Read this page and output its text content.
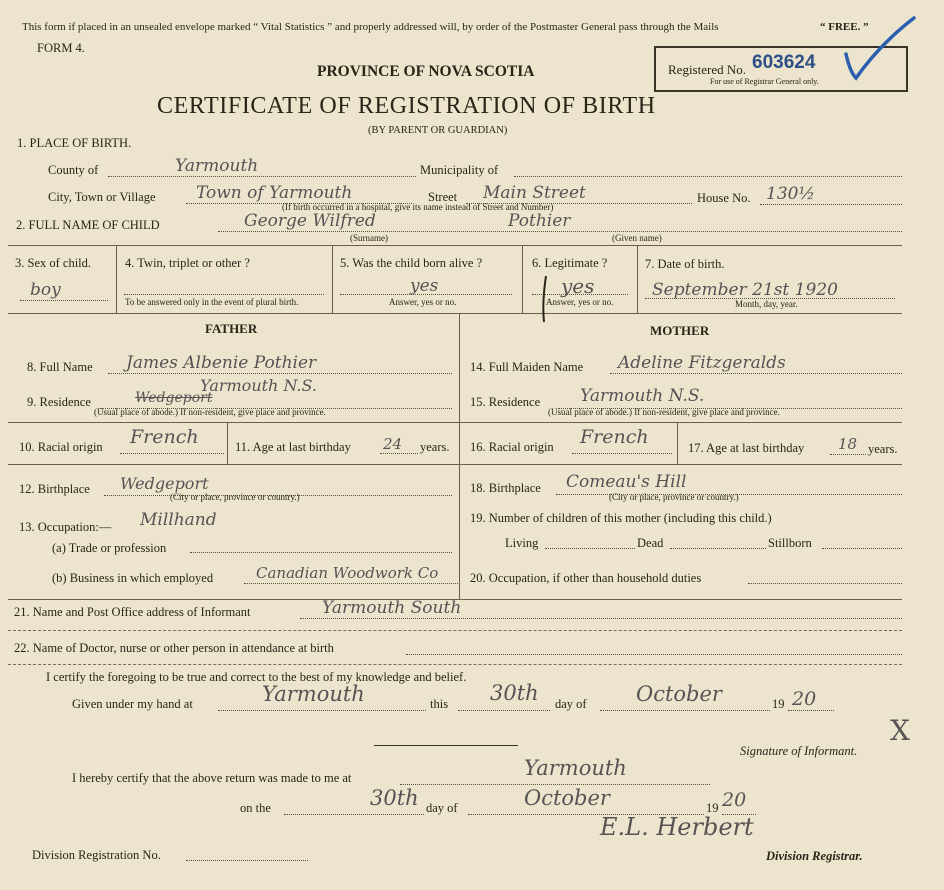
This form if placed in an unsealed envelope marked “ Vital Statistics ” and properly addressed will, by order of the Postmaster General pass through the Mails	“ FREE. ”
FORM 4.
PROVINCE OF NOVA SCOTIA
CERTIFICATE OF REGISTRATION OF BIRTH
(BY PARENT OR GUARDIAN)
Registered No. 603624
For use of Registrar General only.
1. PLACE OF BIRTH.
County of	Yarmouth	Municipality of
City, Town or Village Town of Yarmouth	Street Main Street	House No. 130½
(If birth occurred in a hospital, give its name instead of Street and Number)
2. FULL NAME OF CHILD	George Wilfred	Pothier
(Surname)	(Given name)
3. Sex of child.
boy
4. Twin, triplet or other ?
To be answered only in the event of plural birth.
5. Was the child born alive ?
yes
Answer, yes or no.
6. Legitimate ?
yes
Answer, yes or no.
7. Date of birth.
September 21st 1920
Month, day, year.
FATHER	MOTHER
8. Full Name James Albenie Pothier
9. Residence	Wedgeport
Yarmouth N.S.
(Usual place of abode.) If non-resident, give place and province.
10. Racial origin French	11. Age at last birthday 24 years.
12. Birthplace Wedgeport
(City or place, province or country.)
13. Occupation:— Millhand
(a) Trade or profession
(b) Business in which employed	Canadian Woodwork Co
14. Full Maiden Name Adeline Fitzgeralds
15. Residence Yarmouth N.S.
(Usual place of abode.) If non-resident, give place and province.
16. Racial origin French	17. Age at last birthday 18 years.
18. Birthplace Comeau's Hill
(City or place, province or country.)
19. Number of children of this mother (including this child.)
Living	Dead	Stillborn
20. Occupation, if other than household duties
21. Name and Post Office address of Informant	Yarmouth South
22. Name of Doctor, nurse or other person in attendance at birth
I certify the foregoing to be true and correct to the best of my knowledge and belief.
Given under my hand at	Yarmouth	this 30th day of October	19 20
Signature of Informant.
X
I hereby certify that the above return was made to me at	Yarmouth
on the	30th day of	October	19 20
E.L. Herbert
Division Registration No.	Division Registrar.
